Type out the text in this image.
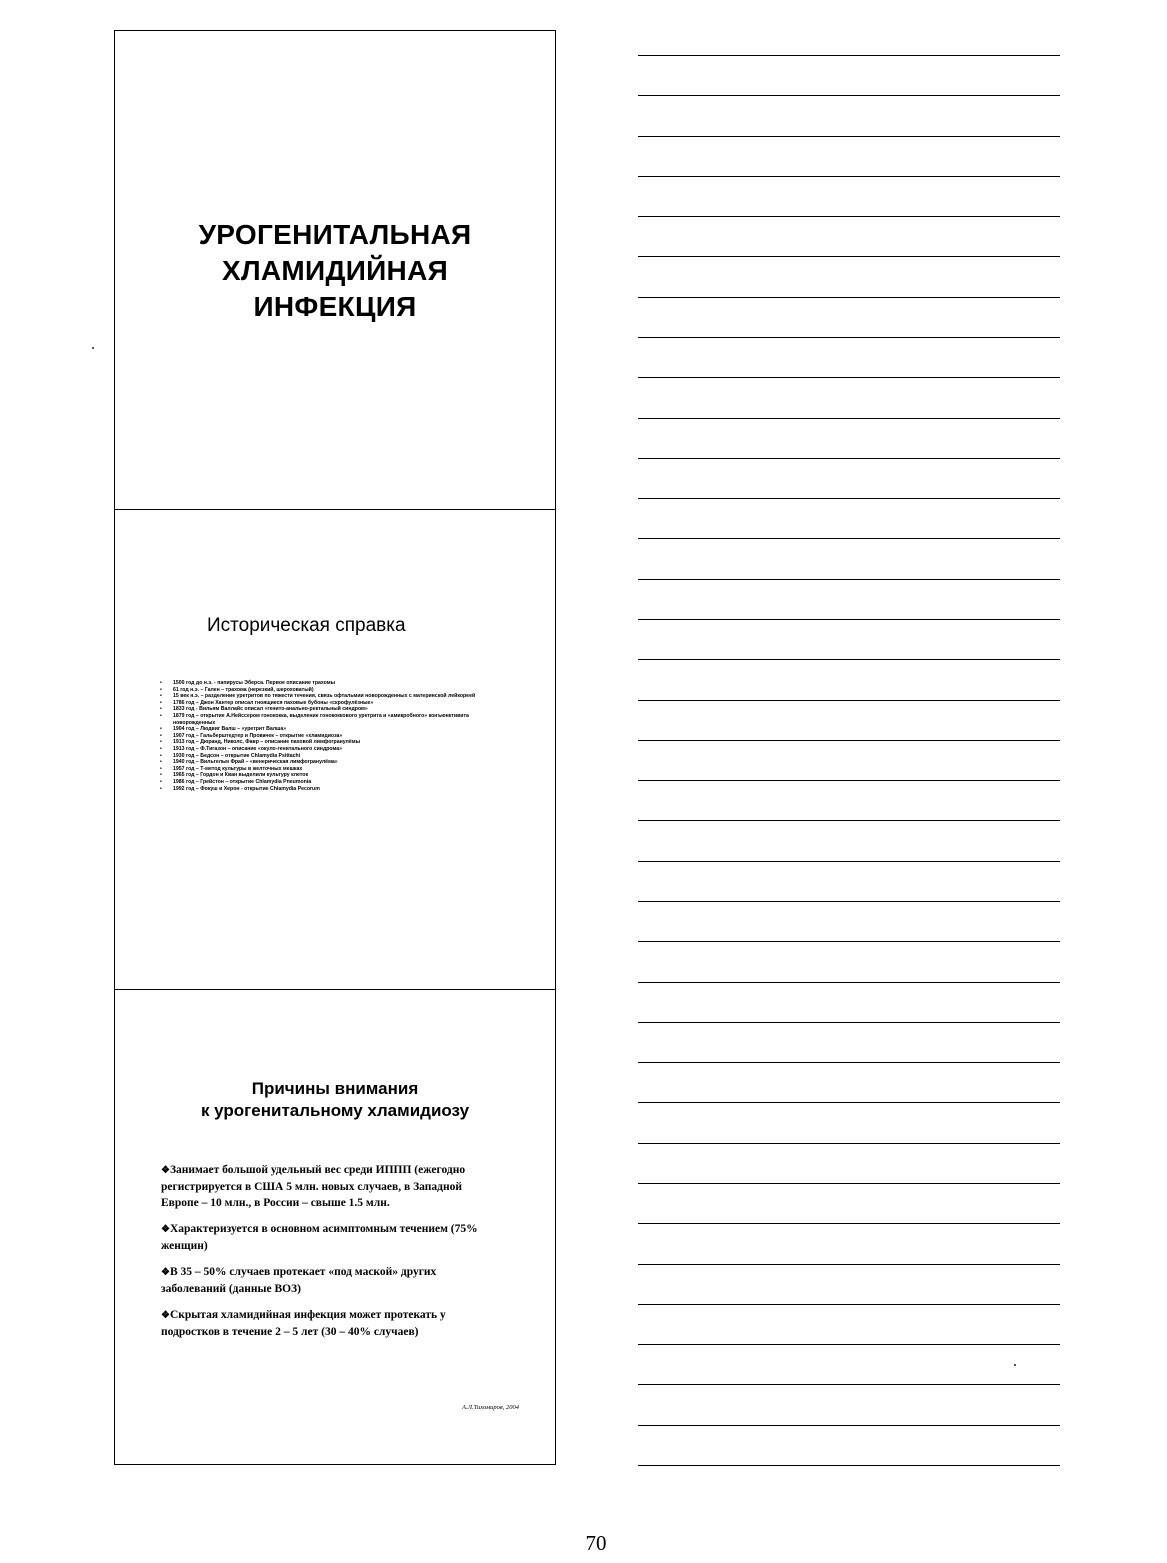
УРОГЕНИТАЛЬНАЯ
ХЛАМИДИЙНАЯ
ИНФЕКЦИЯ
Историческая справка
• 1500 год до н.э. - папирусы Эберса. Первое описание трахомы
• 61 год н.э. – Гален – трахома (нерезкий, шероховатый)
• 15 век н.э. – разделение уретритов по тяжести течения, связь офтальмии новорожденных с материнской лейкореей
• 1786 год – Джон Хантер описал гноящиеся паховые бубоны «скрофулёзные»
• 1833 год - Вильям Валлайс описал «генито-анально-ректальный синдром»
• 1879 год – открытие А.Нейссером гонококка, выделение гонококкового уретрита и «амикробного» конъюнктивита новорожденных
• 1904 год – Людвиг Валш – «уретрит Валша»
• 1907 год – Гальберштедтер и Провачек – открытие «хламидиоза»
• 1913 год – Дюранд, Николс, Фавр – описание паховой лимфогранулёмы
• 1913 год – Ф.Тигазон – описание «окуло-генитального синдрома»
• 1930 год – Бедсон – открытие Chlamydia Psittachi
• 1940 год – Вильгельм Фрай – «венерическая лимфогранулёма»
• 1957 год – Т-метод культуры в желточных мешках
• 1965 год – Гордон и Кван выделили культуру клеток
• 1986 год – Грейстон – открытие Chlamydia Pneumonia
• 1992 год – Фокуш и Херон - открытие Chlamydia Pecorum
Причины внимания
к урогенитальному хламидиозу

❖Занимает большой удельный вес среди ИППП (ежегодно регистрируется в США 5 млн. новых случаев, в Западной Европе – 10 млн., в России – свыше 1.5 млн.

❖Характеризуется в основном асимптомным течением (75% женщин)

❖В 35 – 50% случаев протекает «под маской» других заболеваний (данные ВОЗ)

❖Скрытая хламидийная инфекция может протекать у подростков в течение 2 – 5 лет (30 – 40% случаев)

А.Л.Тихомиров, 2004
70
